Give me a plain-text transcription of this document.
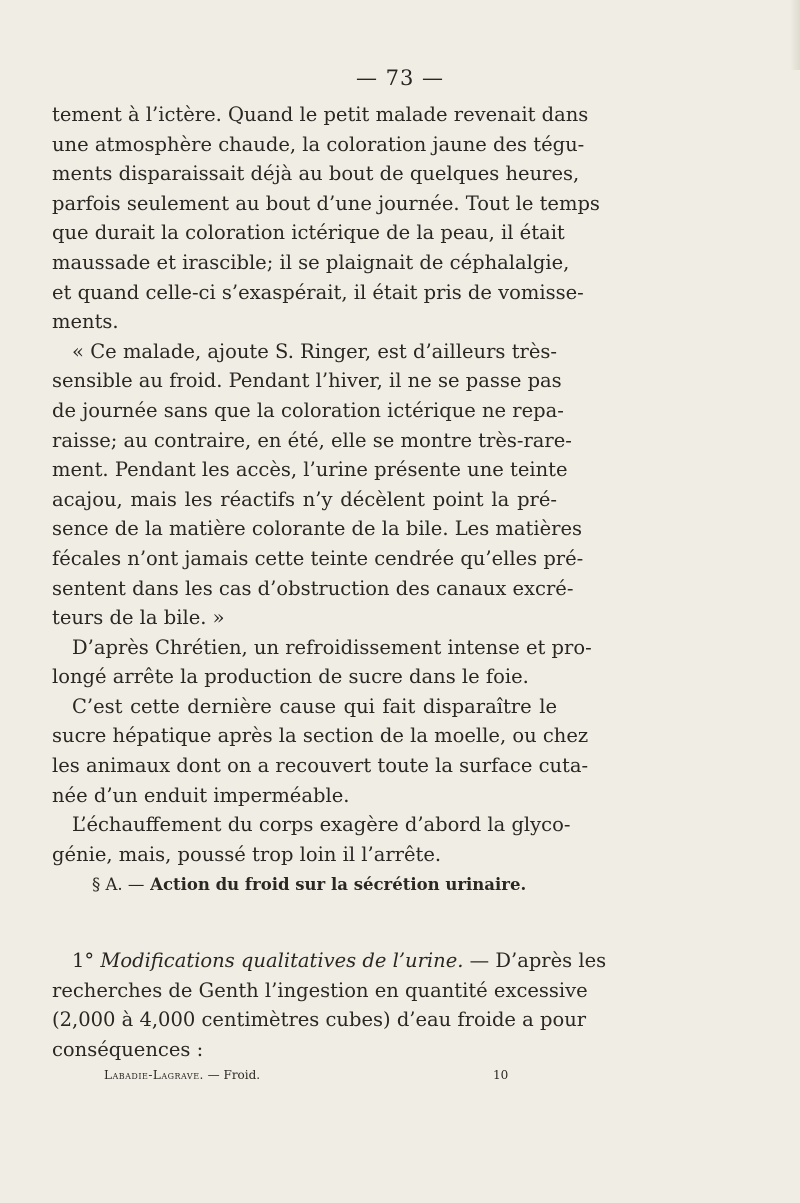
— 73 —
tement à l’ictère. Quand le petit malade revenait dans
une atmosphère chaude, la coloration jaune des tégu-
ments disparaissait déjà au bout de quelques heures,
parfois seulement au bout d’une journée. Tout le temps
que durait la coloration ictérique de la peau, il était
maussade et irascible; il se plaignait de céphalalgie,
et quand celle-ci s’exaspérait, il était pris de vomisse-
ments.
« Ce malade, ajoute S. Ringer, est d’ailleurs très-
sensible au froid. Pendant l’hiver, il ne se passe pas
de journée sans que la coloration ictérique ne repa-
raisse; au contraire, en été, elle se montre très-rare-
ment. Pendant les accès, l’urine présente une teinte
acajou, mais les réactifs n’y décèlent point la pré-
sence de la matière colorante de la bile. Les matières
fécales n’ont jamais cette teinte cendrée qu’elles pré-
sentent dans les cas d’obstruction des canaux excré-
teurs de la bile. »
D’après Chrétien, un refroidissement intense et pro-
longé arrête la production de sucre dans le foie.
C’est cette dernière cause qui fait disparaître le
sucre hépatique après la section de la moelle, ou chez
les animaux dont on a recouvert toute la surface cuta-
née d’un enduit imperméable.
L’échauffement du corps exagère d’abord la glyco-
génie, mais, poussé trop loin il l’arrête.
§ A. — Action du froid sur la sécrétion urinaire.
1° Modifications qualitatives de l’urine. — D’après les
recherches de Genth l’ingestion en quantité excessive
(2,000 à 4,000 centimètres cubes) d’eau froide a pour
conséquences :
Labadie-Lagrave. — Froid.	10
